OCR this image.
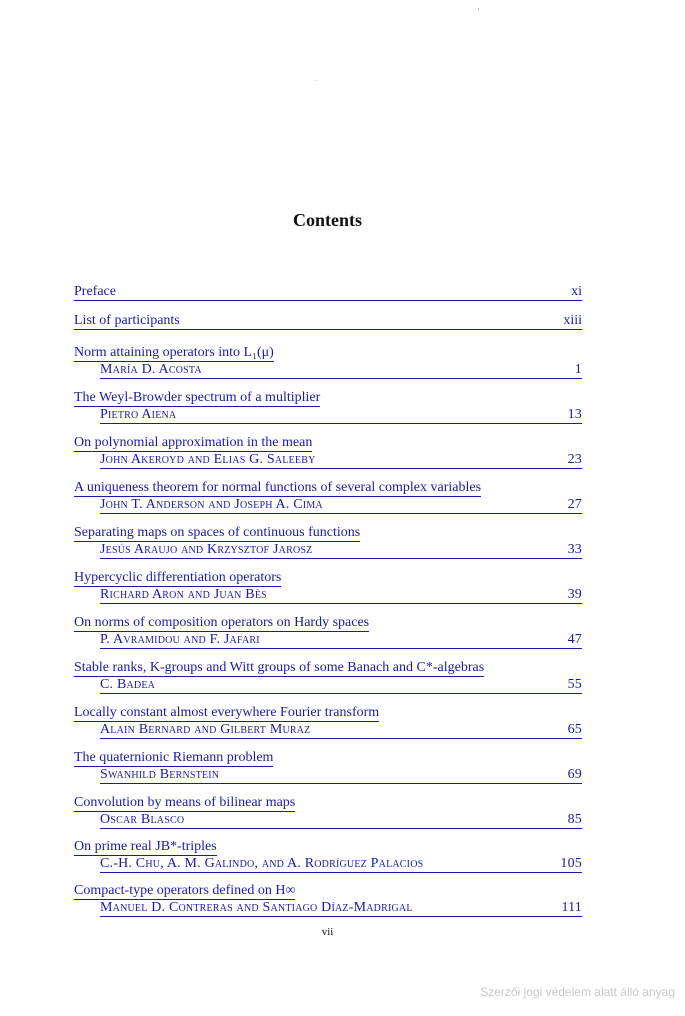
Contents
Preface	xi
List of participants	xiii
Norm attaining operators into L₁(μ)
María D. Acosta	1
The Weyl-Browder spectrum of a multiplier
Pietro Aiena	13
On polynomial approximation in the mean
John Akeroyd and Elias G. Saleeby	23
A uniqueness theorem for normal functions of several complex variables
John T. Anderson and Joseph A. Cima	27
Separating maps on spaces of continuous functions
Jesús Araujo and Krzysztof Jarosz	33
Hypercyclic differentiation operators
Richard Aron and Juan Bès	39
On norms of composition operators on Hardy spaces
P. Avramidou and F. Jafari	47
Stable ranks, K-groups and Witt groups of some Banach and C*-algebras
C. Badea	55
Locally constant almost everywhere Fourier transform
Alain Bernard and Gilbert Muraz	65
The quaternionic Riemann problem
Swanhild Bernstein	69
Convolution by means of bilinear maps
Oscar Blasco	85
On prime real JB*-triples
C.-H. Chu, A. M. Galindo, and A. Rodríguez Palacios	105
Compact-type operators defined on H∞
Manuel D. Contreras and Santiago Díaz-Madrigal	111
vii
Szerzői jogi védelem alatt álló anyag
